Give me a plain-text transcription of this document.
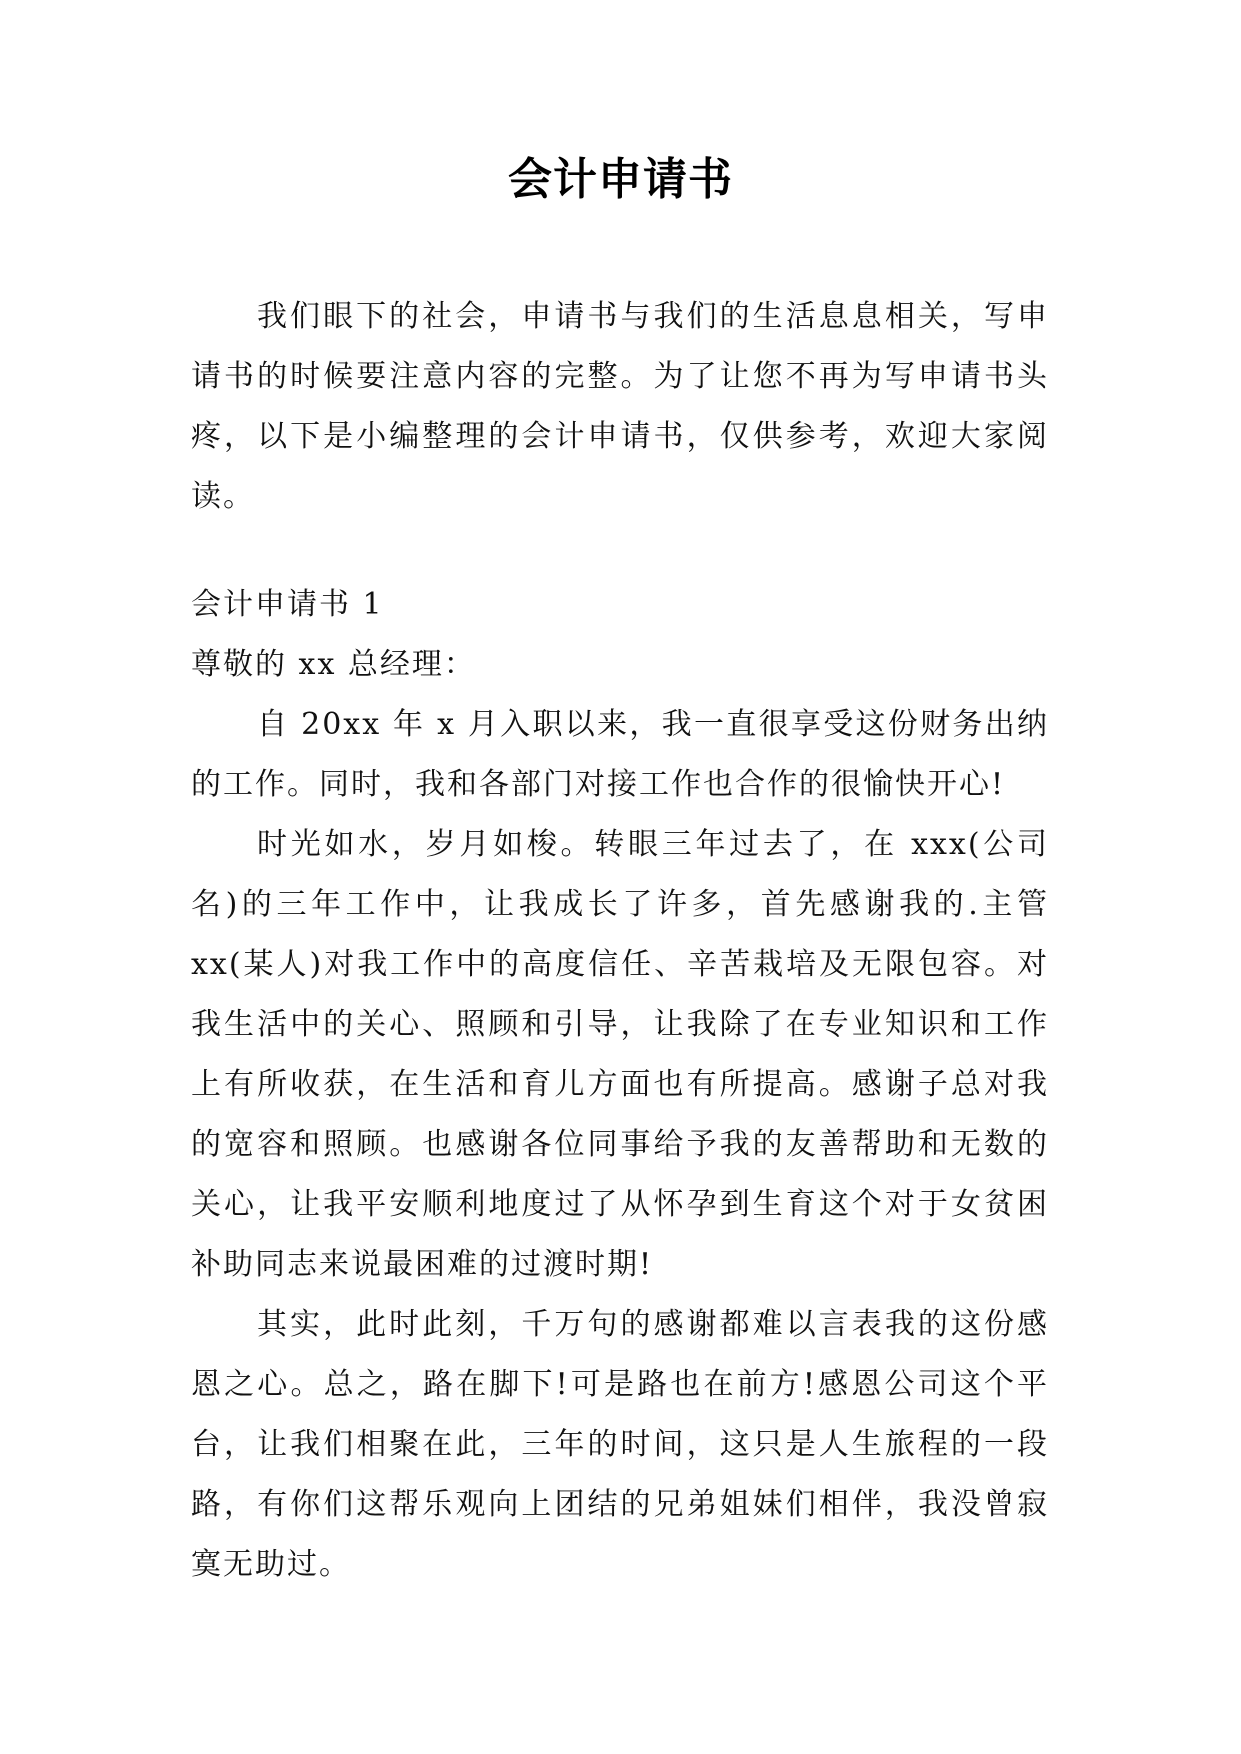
会计申请书

我们眼下的社会，申请书与我们的生活息息相关，写申请书的时候要注意内容的完整。为了让您不再为写申请书头疼，以下是小编整理的会计申请书，仅供参考，欢迎大家阅读。

会计申请书 1

尊敬的 xx 总经理：

自 20xx 年 x 月入职以来，我一直很享受这份财务出纳的工作。同时，我和各部门对接工作也合作的很愉快开心!

时光如水，岁月如梭。转眼三年过去了，在 xxx(公司名)的三年工作中，让我成长了许多，首先感谢我的.主管 xx(某人)对我工作中的高度信任、辛苦栽培及无限包容。对我生活中的关心、照顾和引导，让我除了在专业知识和工作上有所收获，在生活和育儿方面也有所提高。感谢子总对我的宽容和照顾。也感谢各位同事给予我的友善帮助和无数的关心，让我平安顺利地度过了从怀孕到生育这个对于女贫困补助同志来说最困难的过渡时期!

其实，此时此刻，千万句的感谢都难以言表我的这份感恩之心。总之，路在脚下!可是路也在前方!感恩公司这个平台，让我们相聚在此，三年的时间，这只是人生旅程的一段路，有你们这帮乐观向上团结的兄弟姐妹们相伴，我没曾寂寞无助过。
